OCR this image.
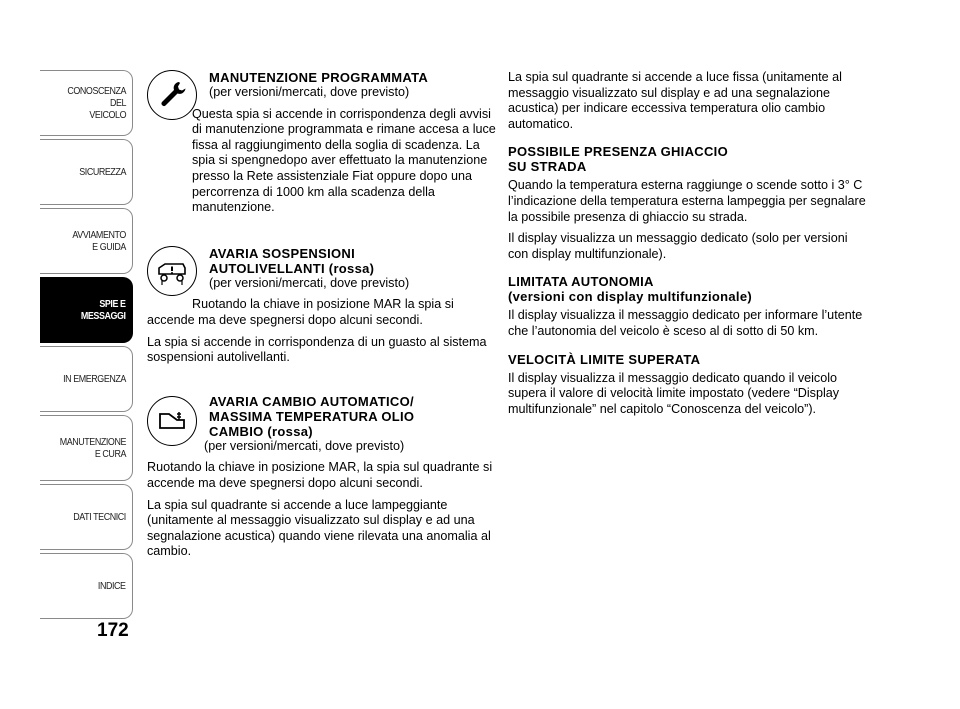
CONOSCENZA
DEL
VEICOLO
SICUREZZA
AVVIAMENTO
E GUIDA
SPIE E
MESSAGGI
IN EMERGENZA
MANUTENZIONE
E CURA
DATI TECNICI
INDICE
172
MANUTENZIONE PROGRAMMATA
(per versioni/mercati, dove previsto)

Questa spia si accende in corrispondenza degli avvisi di manutenzione programmata e rimane accesa a luce fissa al raggiungimento della soglia di scadenza. La spia si spengnedopo aver effettuato la manutenzione presso la Rete assistenziale Fiat oppure dopo una percorrenza di 1000 km alla scadenza della manutenzione.

AVARIA SOSPENSIONI
AUTOLIVELLANTI (rossa)
(per versioni/mercati, dove previsto)

Ruotando la chiave in posizione MAR la spia si accende ma deve spegnersi dopo alcuni secondi.

La spia si accende in corrispondenza di un guasto al sistema sospensioni autolivellanti.

AVARIA CAMBIO AUTOMATICO/
MASSIMA TEMPERATURA OLIO
CAMBIO (rossa)
(per versioni/mercati, dove previsto)

Ruotando la chiave in posizione MAR, la spia sul quadrante si accende ma deve spegnersi dopo alcuni secondi.

La spia sul quadrante si accende a luce lampeggiante (unitamente al messaggio visualizzato sul display e ad una segnalazione acustica) quando viene rilevata una anomalia al cambio.

La spia sul quadrante si accende a luce fissa (unitamente al messaggio visualizzato sul display e ad una segnalazione acustica) per indicare eccessiva temperatura olio cambio automatico.

POSSIBILE PRESENZA GHIACCIO
SU STRADA

Quando la temperatura esterna raggiunge o scende sotto i 3° C l’indicazione della temperatura esterna lampeggia per segnalare la possibile presenza di ghiaccio su strada.

Il display visualizza un messaggio dedicato (solo per versioni con display multifunzionale).

LIMITATA AUTONOMIA
(versioni con display multifunzionale)

Il display visualizza il messaggio dedicato per informare l’utente che l’autonomia del veicolo è sceso al di sotto di 50 km.

VELOCITÀ LIMITE SUPERATA

Il display visualizza il messaggio dedicato quando il veicolo supera il valore di velocità limite impostato (vedere “Display multifunzionale” nel capitolo “Conoscenza del veicolo”).
